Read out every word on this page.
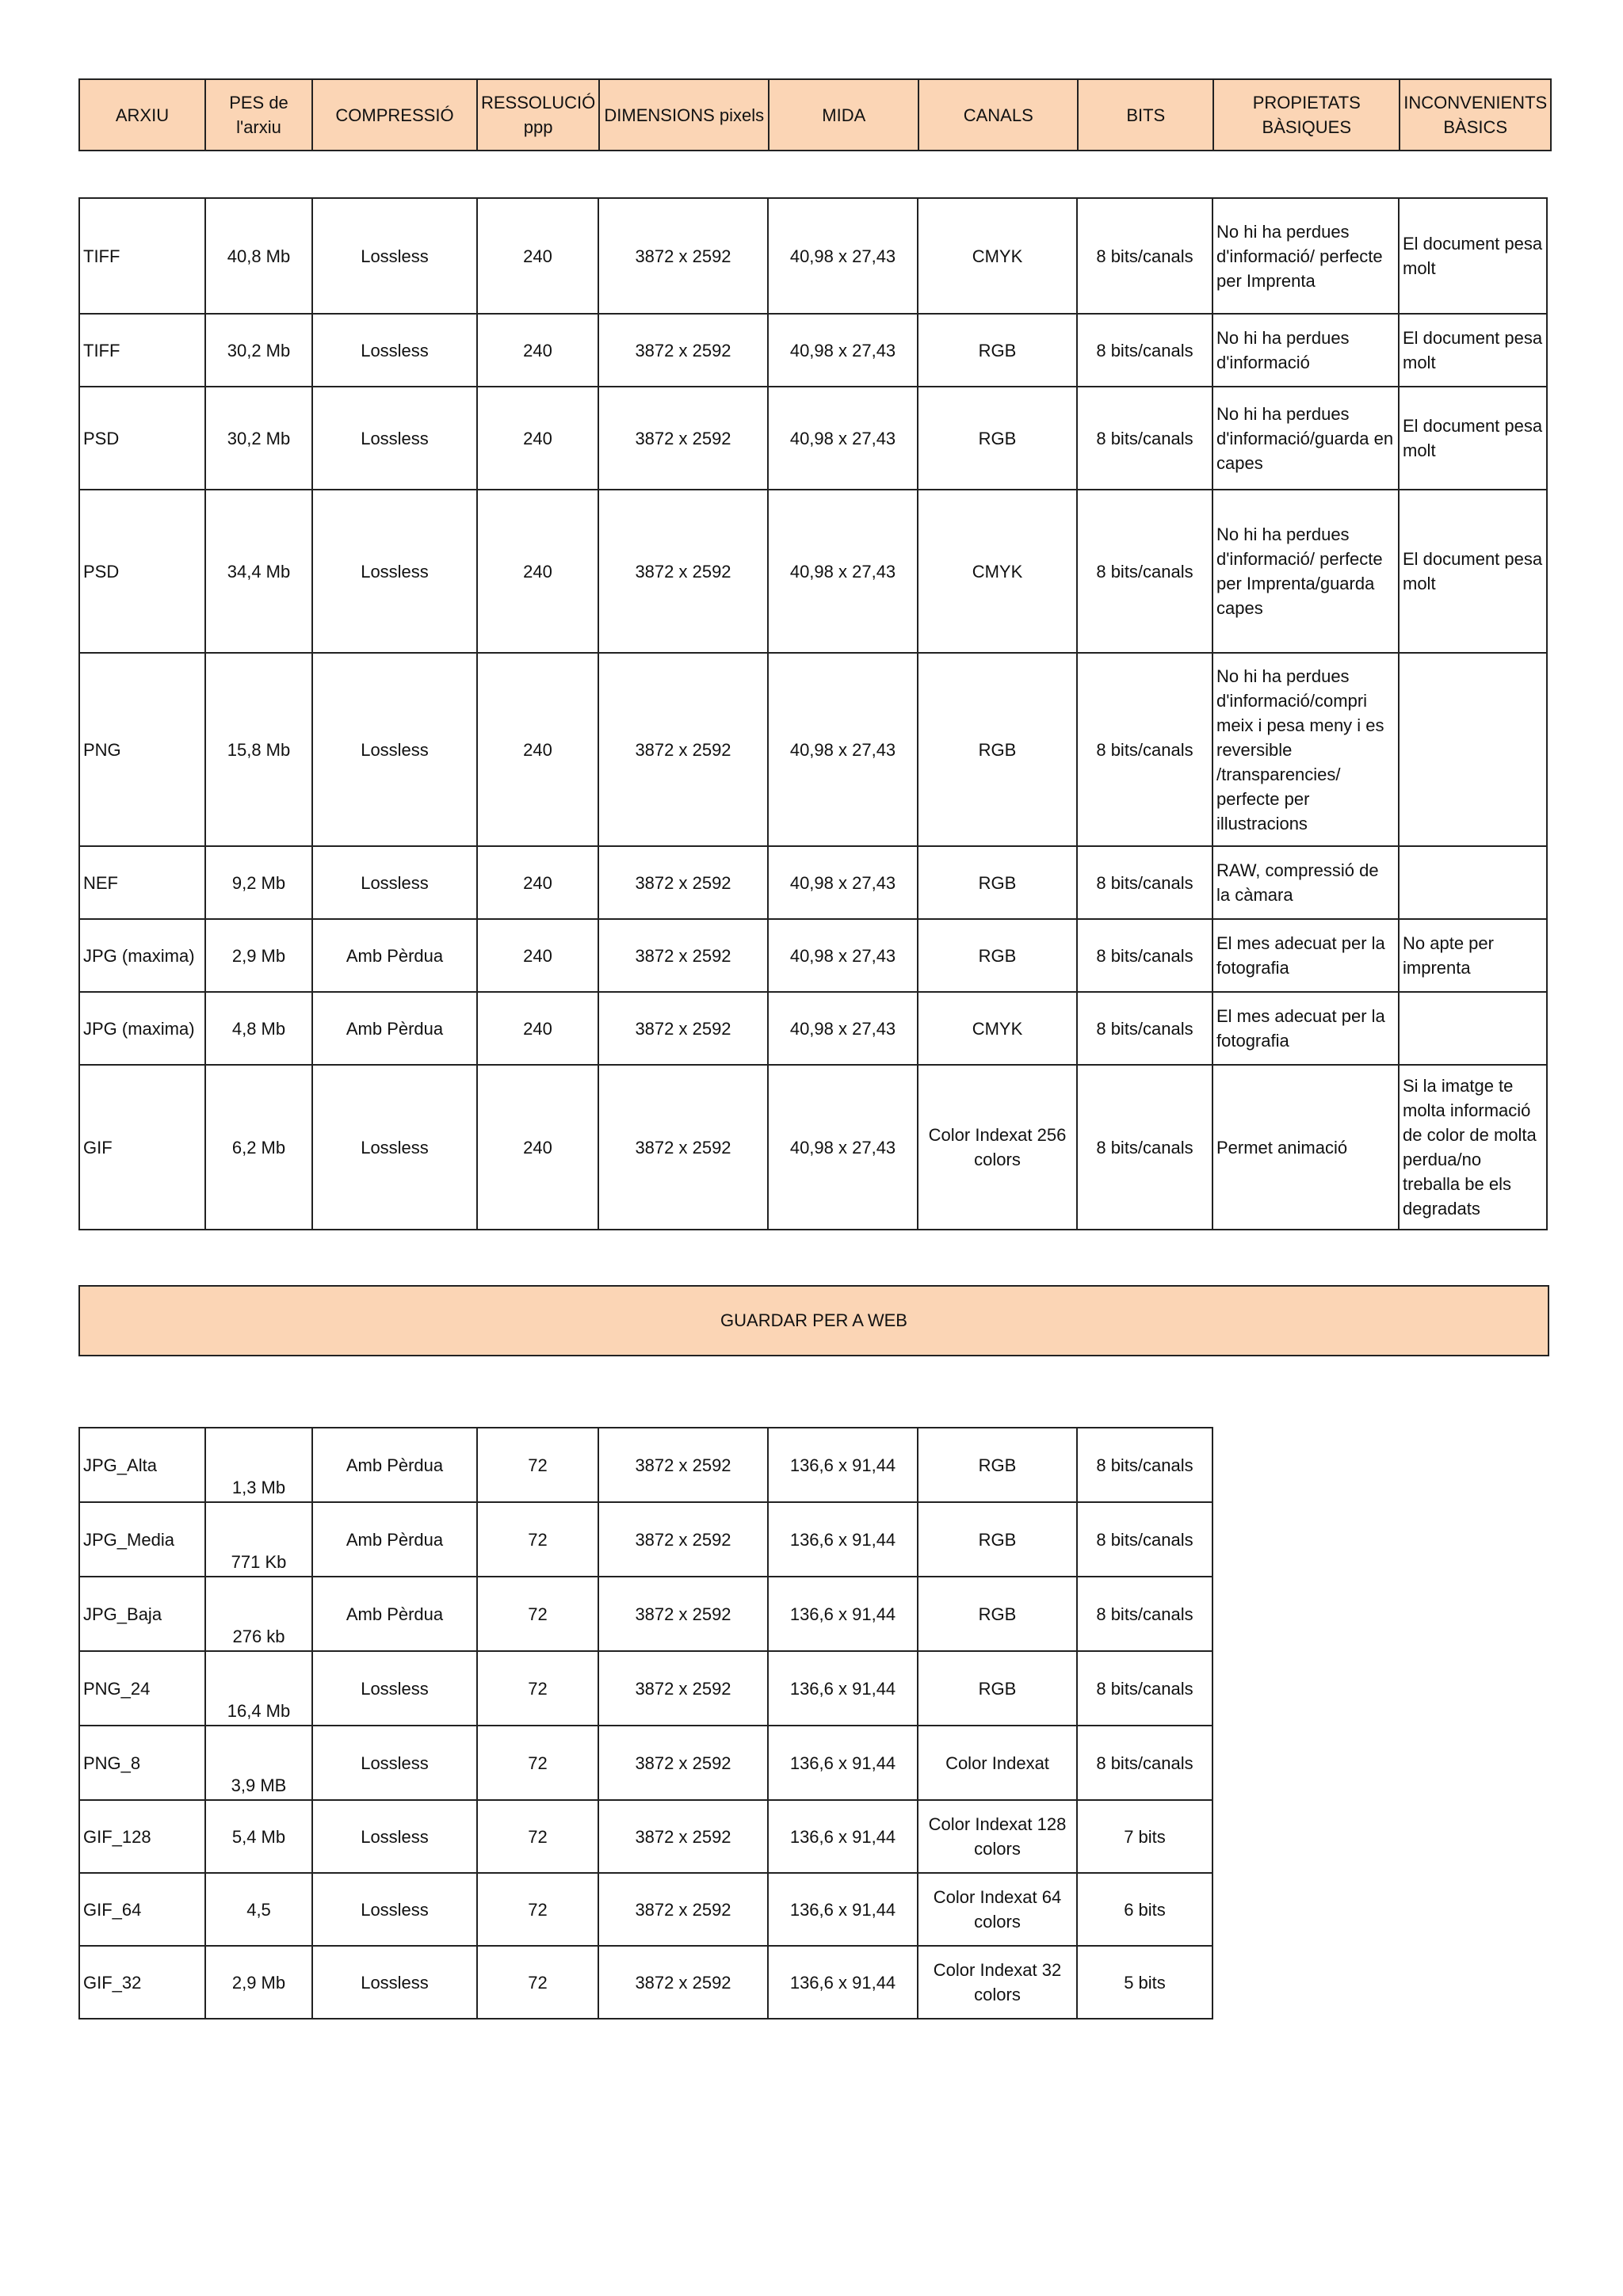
ARXIU	PES de l'arxiu	COMPRESSIÓ	RESSOLUCIÓ ppp	DIMENSIONS pixels	MIDA	CANALS	BITS	PROPIETATS BÀSIQUES	INCONVENIENTS BÀSICS
TIFF	40,8 Mb	Lossless	240	3872 x 2592	40,98 x 27,43	CMYK	8 bits/canals	No hi ha perdues d'informació/ perfecte per Imprenta	El document pesa molt
TIFF	30,2 Mb	Lossless	240	3872 x 2592	40,98 x 27,43	RGB	8 bits/canals	No hi ha perdues d'informació	El document pesa molt
PSD	30,2 Mb	Lossless	240	3872 x 2592	40,98 x 27,43	RGB	8 bits/canals	No hi ha perdues d'informació/guarda en capes	El document pesa molt
PSD	34,4 Mb	Lossless	240	3872 x 2592	40,98 x 27,43	CMYK	8 bits/canals	No hi ha perdues d'informació/ perfecte per Imprenta/guarda capes	El document pesa molt
PNG	15,8 Mb	Lossless	240	3872 x 2592	40,98 x 27,43	RGB	8 bits/canals	No hi ha perdues d'informació/compri meix i pesa meny i es reversible /transparencies/ perfecte per illustracions	
NEF	9,2 Mb	Lossless	240	3872 x 2592	40,98 x 27,43	RGB	8 bits/canals	RAW, compressió de la càmara	
JPG (maxima)	2,9 Mb	Amb Pèrdua	240	3872 x 2592	40,98 x 27,43	RGB	8 bits/canals	El mes adecuat per la fotografia	No apte per imprenta
JPG (maxima)	4,8 Mb	Amb Pèrdua	240	3872 x 2592	40,98 x 27,43	CMYK	8 bits/canals	El mes adecuat per la fotografia	
GIF	6,2 Mb	Lossless	240	3872 x 2592	40,98 x 27,43	Color Indexat 256 colors	8 bits/canals	Permet animació	Si la imatge te molta informació de color de molta perdua/no treballa be els degradats
GUARDAR PER A WEB
JPG_Alta	1,3 Mb	Amb Pèrdua	72	3872 x 2592	136,6 x 91,44	RGB	8 bits/canals
JPG_Media	771 Kb	Amb Pèrdua	72	3872 x 2592	136,6 x 91,44	RGB	8 bits/canals
JPG_Baja	276 kb	Amb Pèrdua	72	3872 x 2592	136,6 x 91,44	RGB	8 bits/canals
PNG_24	16,4 Mb	Lossless	72	3872 x 2592	136,6 x 91,44	RGB	8 bits/canals
PNG_8	3,9 MB	Lossless	72	3872 x 2592	136,6 x 91,44	Color Indexat	8 bits/canals
GIF_128	5,4 Mb	Lossless	72	3872 x 2592	136,6 x 91,44	Color Indexat 128 colors	7 bits
GIF_64	4,5	Lossless	72	3872 x 2592	136,6 x 91,44	Color Indexat 64 colors	6 bits
GIF_32	2,9 Mb	Lossless	72	3872 x 2592	136,6 x 91,44	Color Indexat 32 colors	5 bits
